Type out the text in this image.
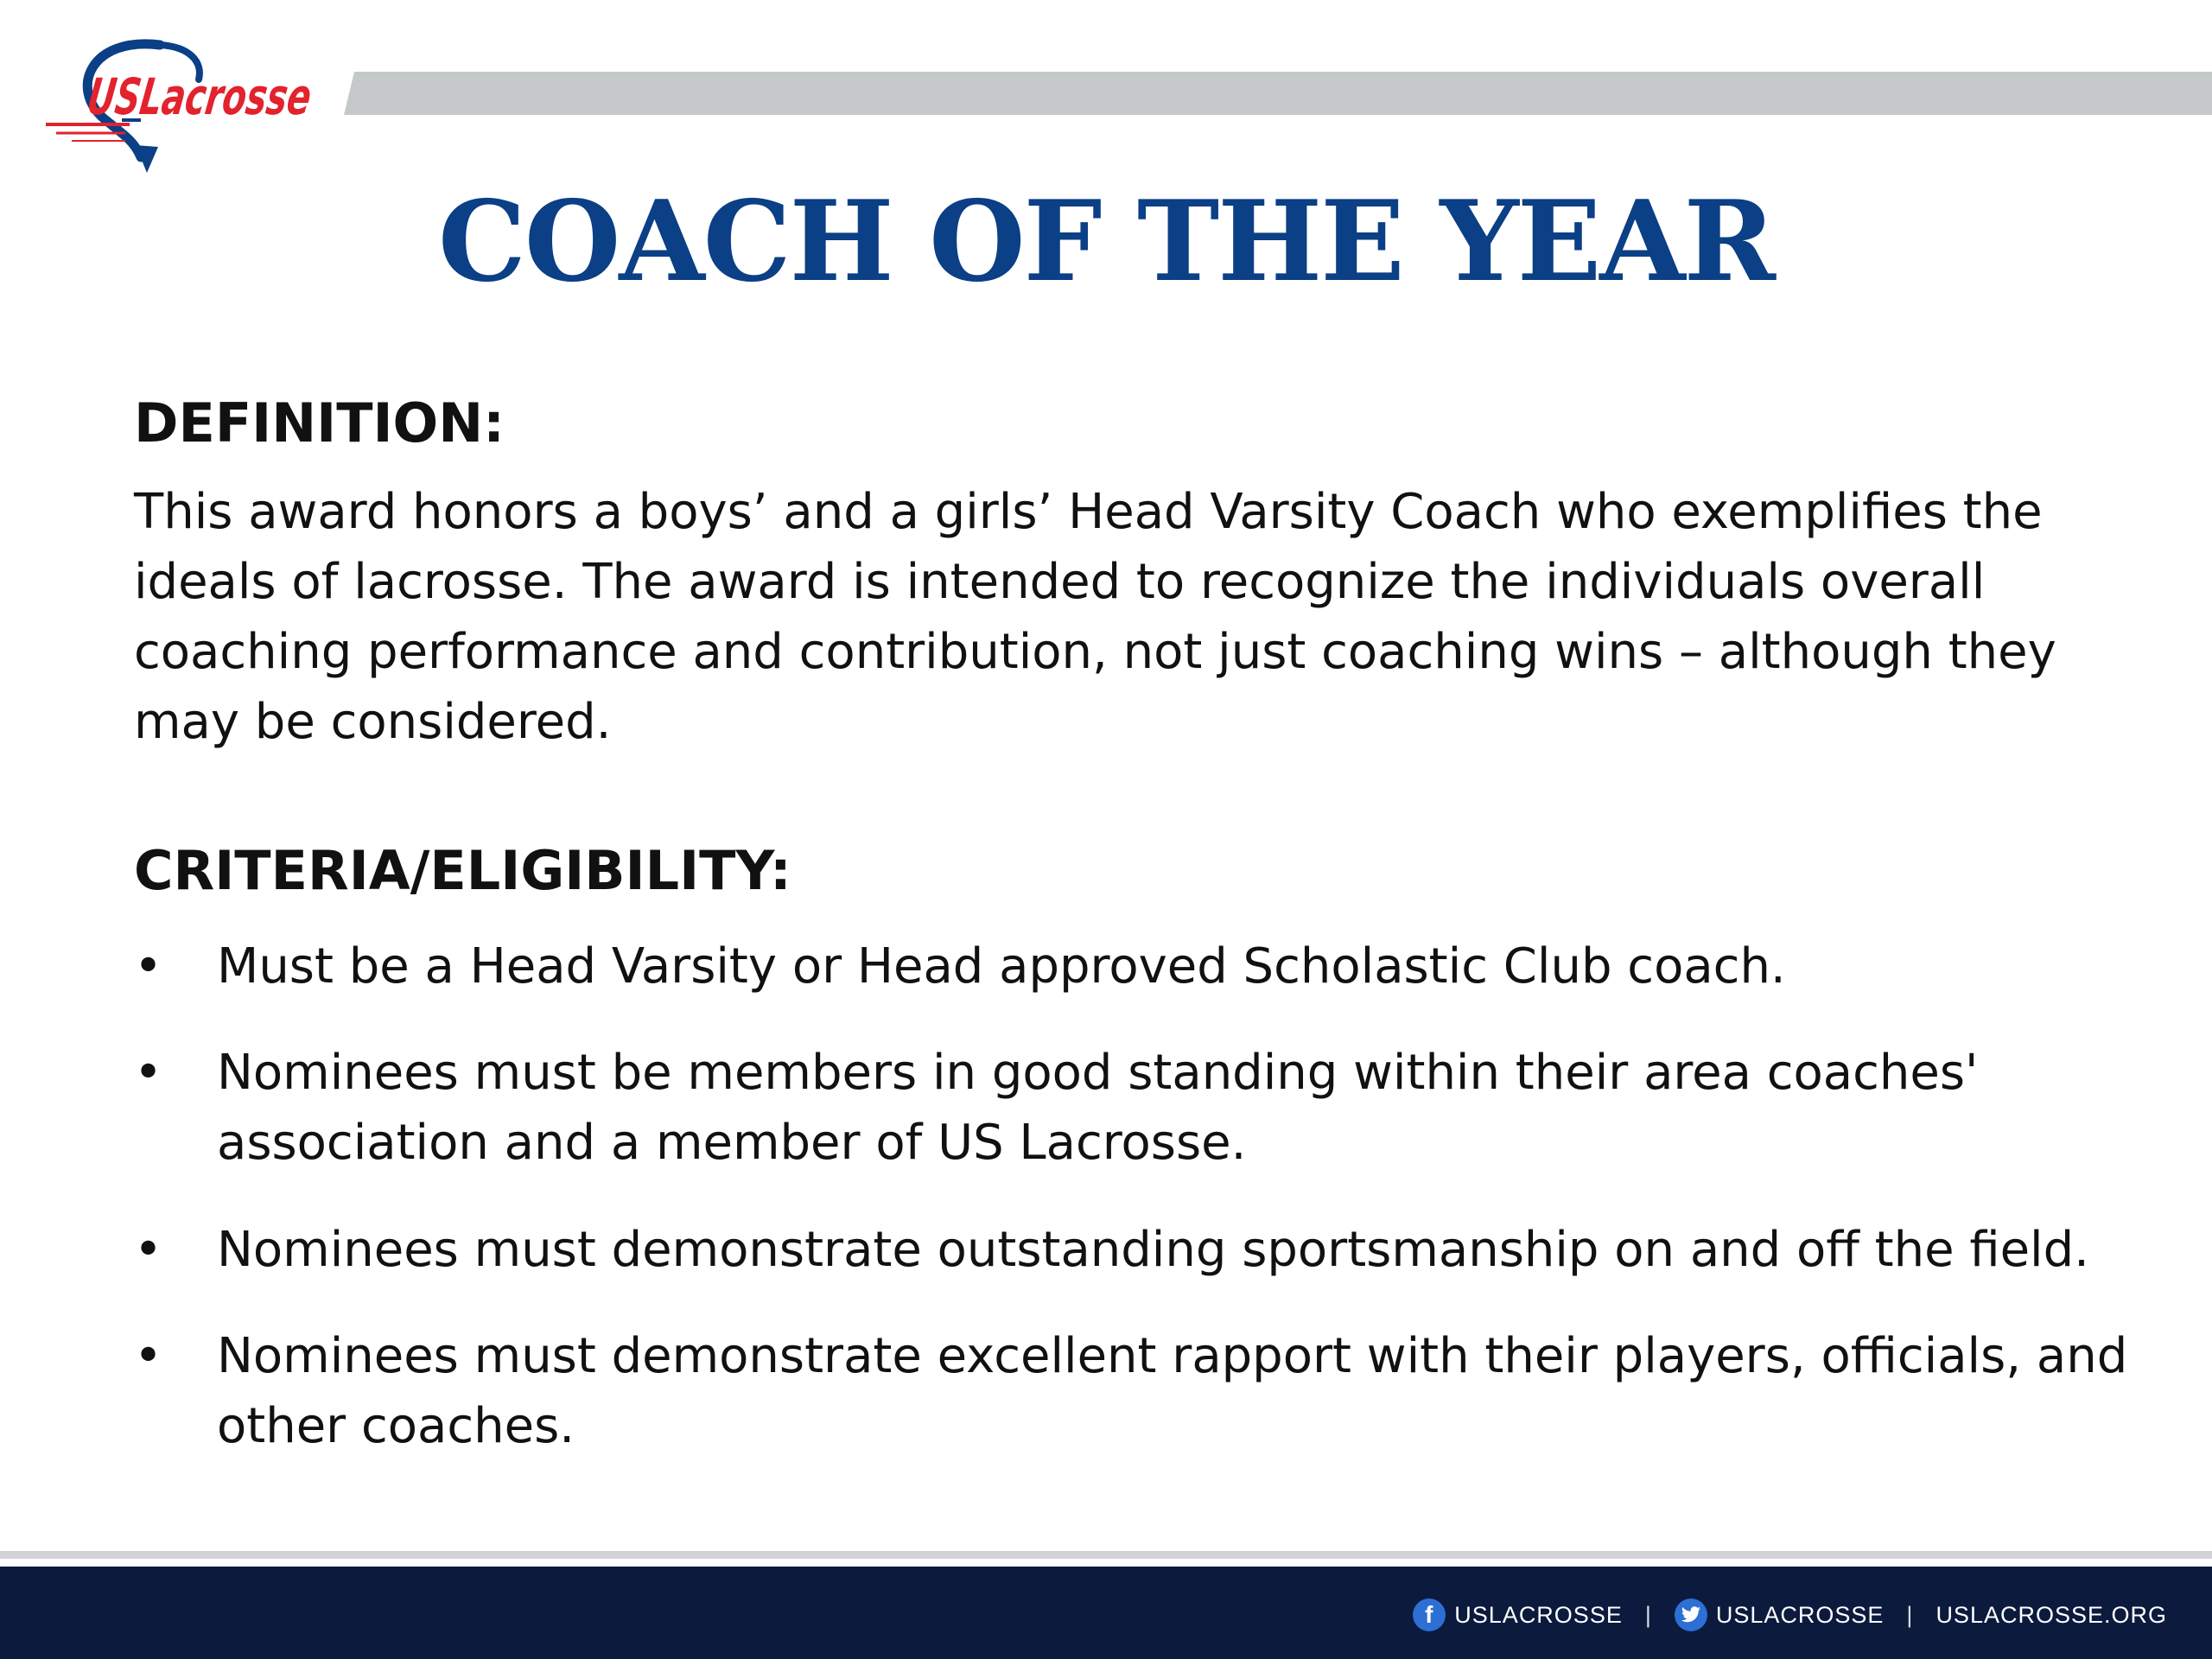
USLacrosse
COACH OF THE YEAR
DEFINITION:
This award honors a boys’ and a girls’ Head Varsity Coach who exemplifies the
ideals of lacrosse. The award is intended to recognize the individuals overall
coaching performance and contribution, not just coaching wins – although they
may be considered.
CRITERIA/ELIGIBILITY:
• Must be a Head Varsity or Head approved Scholastic Club coach.
• Nominees must be members in good standing within their area coaches'
association and a member of US Lacrosse.
• Nominees must demonstrate outstanding sportsmanship on and off the field.
• Nominees must demonstrate excellent rapport with their players, officials, and
other coaches.
f USLACROSSE |	USLACROSSE | USLACROSSE.ORG
